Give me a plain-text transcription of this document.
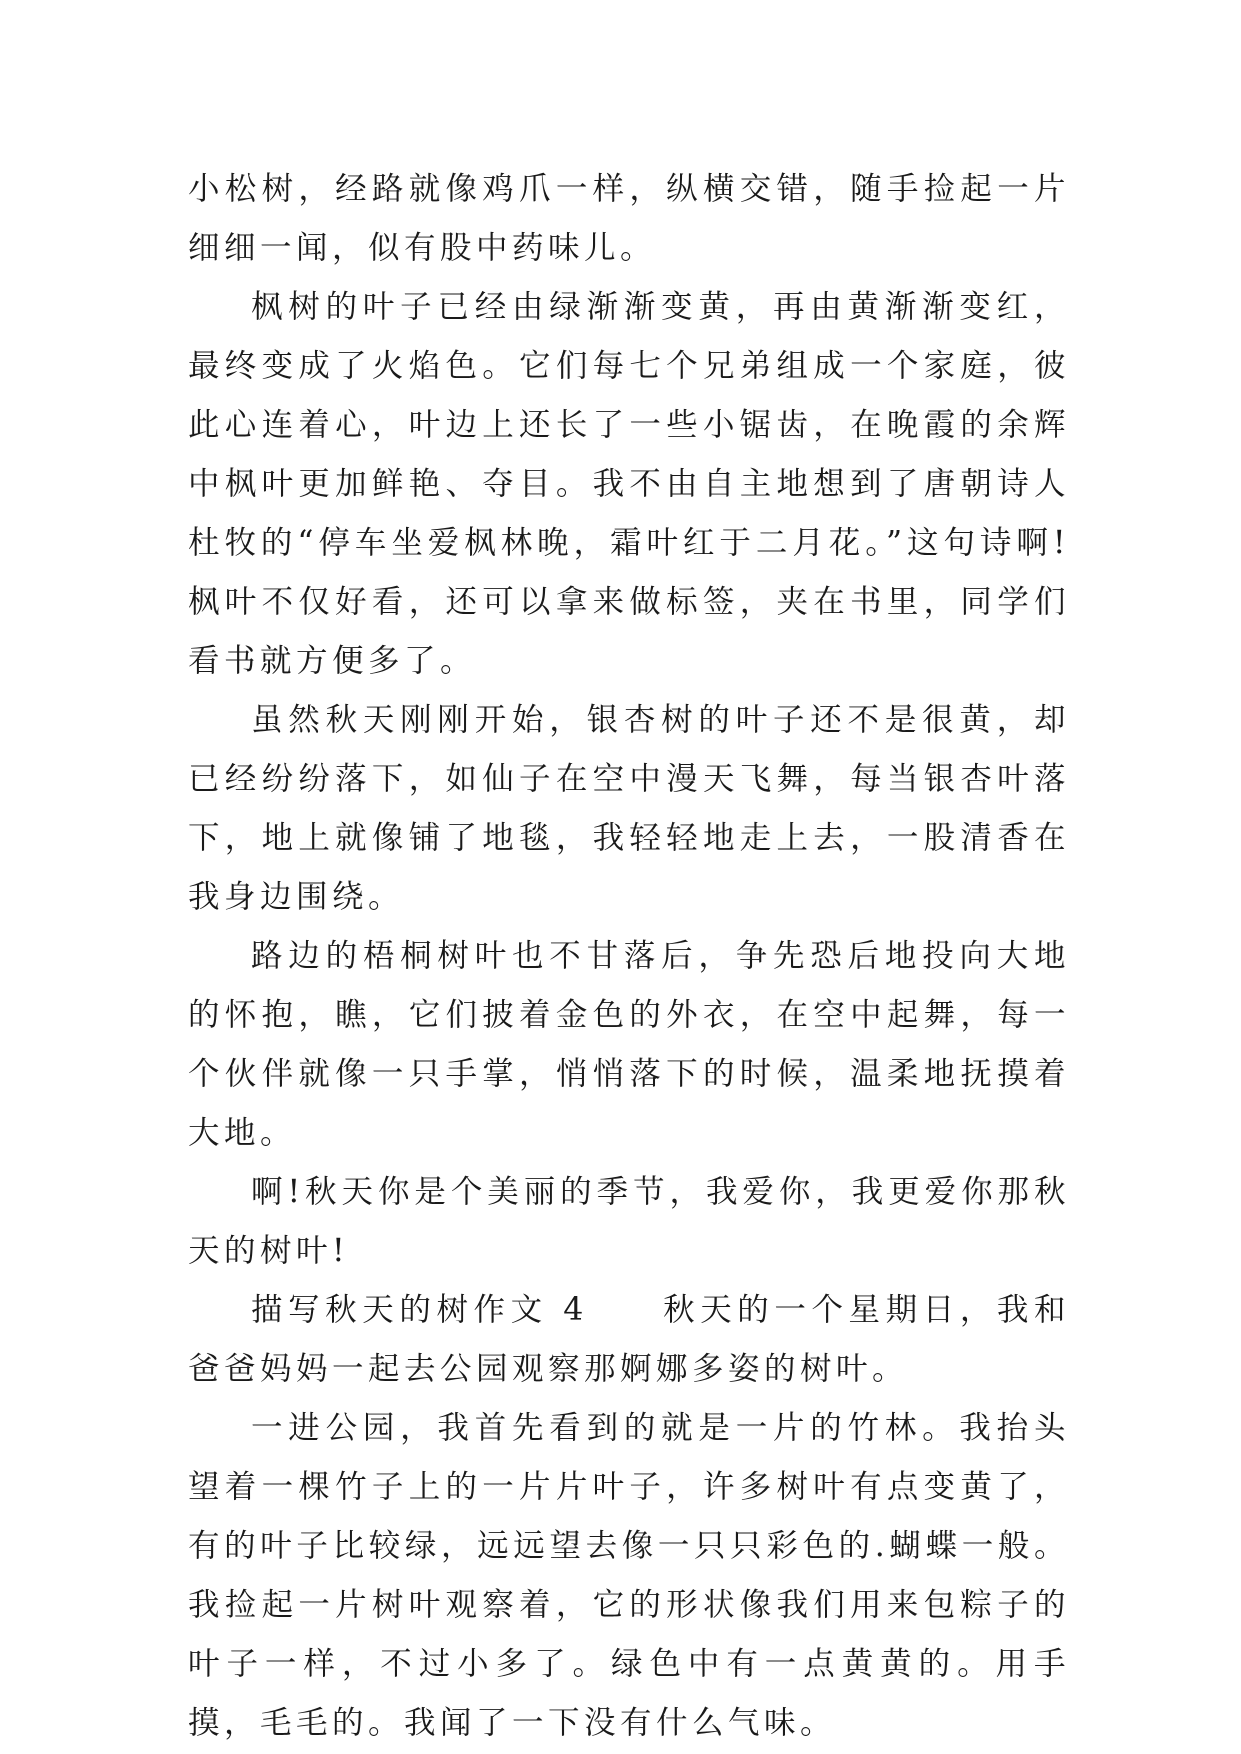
小松树，经路就像鸡爪一样，纵横交错，随手捡起一片细细一闻，似有股中药味儿。

枫树的叶子已经由绿渐渐变黄，再由黄渐渐变红，最终变成了火焰色。它们每七个兄弟组成一个家庭，彼此心连着心，叶边上还长了一些小锯齿，在晚霞的余辉中枫叶更加鲜艳、夺目。我不由自主地想到了唐朝诗人杜牧的“停车坐爱枫林晚，霜叶红于二月花。”这句诗啊!枫叶不仅好看，还可以拿来做标签，夹在书里，同学们看书就方便多了。

虽然秋天刚刚开始，银杏树的叶子还不是很黄，却已经纷纷落下，如仙子在空中漫天飞舞，每当银杏叶落下，地上就像铺了地毯，我轻轻地走上去，一股清香在我身边围绕。

路边的梧桐树叶也不甘落后，争先恐后地投向大地的怀抱，瞧，它们披着金色的外衣，在空中起舞，每一个伙伴就像一只手掌，悄悄落下的时候，温柔地抚摸着大地。

啊!秋天你是个美丽的季节，我爱你，我更爱你那秋天的树叶!

描写秋天的树作文 4　　秋天的一个星期日，我和爸爸妈妈一起去公园观察那婀娜多姿的树叶。

一进公园，我首先看到的就是一片的竹林。我抬头望着一棵竹子上的一片片叶子，许多树叶有点变黄了，有的叶子比较绿，远远望去像一只只彩色的.蝴蝶一般。我捡起一片树叶观察着，它的形状像我们用来包粽子的叶子一样，不过小多了。绿色中有一点黄黄的。用手摸，毛毛的。我闻了一下没有什么气味。
